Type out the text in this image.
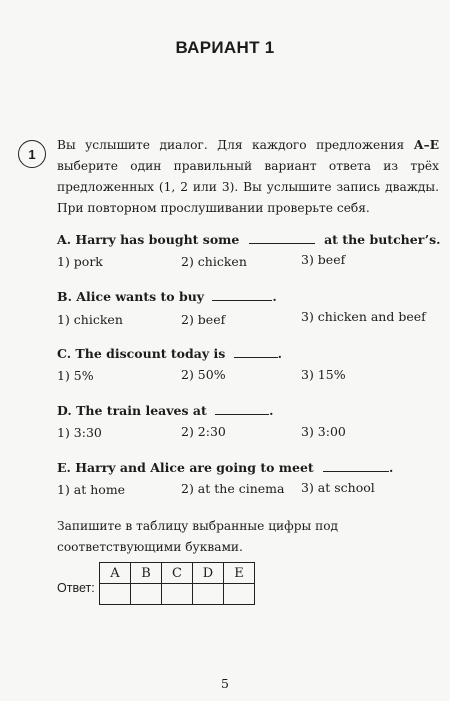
ВАРИАНТ 1
1
Вы услышите диалог. Для каждого предложения А–Е выберите один правильный вариант ответа из трёх предложенных (1, 2 или 3). Вы услышите запись дважды. При повторном прослушивании проверьте себя.
A. Harry has bought some	at the butcher’s.
1) pork	2) chicken	3) beef
B. Alice wants to buy	.
1) chicken	2) beef	3) chicken and beef
C. The discount today is	.
1) 5%	2) 50%	3) 15%
D. The train leaves at	.
1) 3:30	2) 2:30	3) 3:00
E. Harry and Alice are going to meet	.
1) at home	2) at the cinema 3) at school
Запишите в таблицу выбранные цифры под соответствующими буквами.
Ответ:
A	B	C	D	E

5
